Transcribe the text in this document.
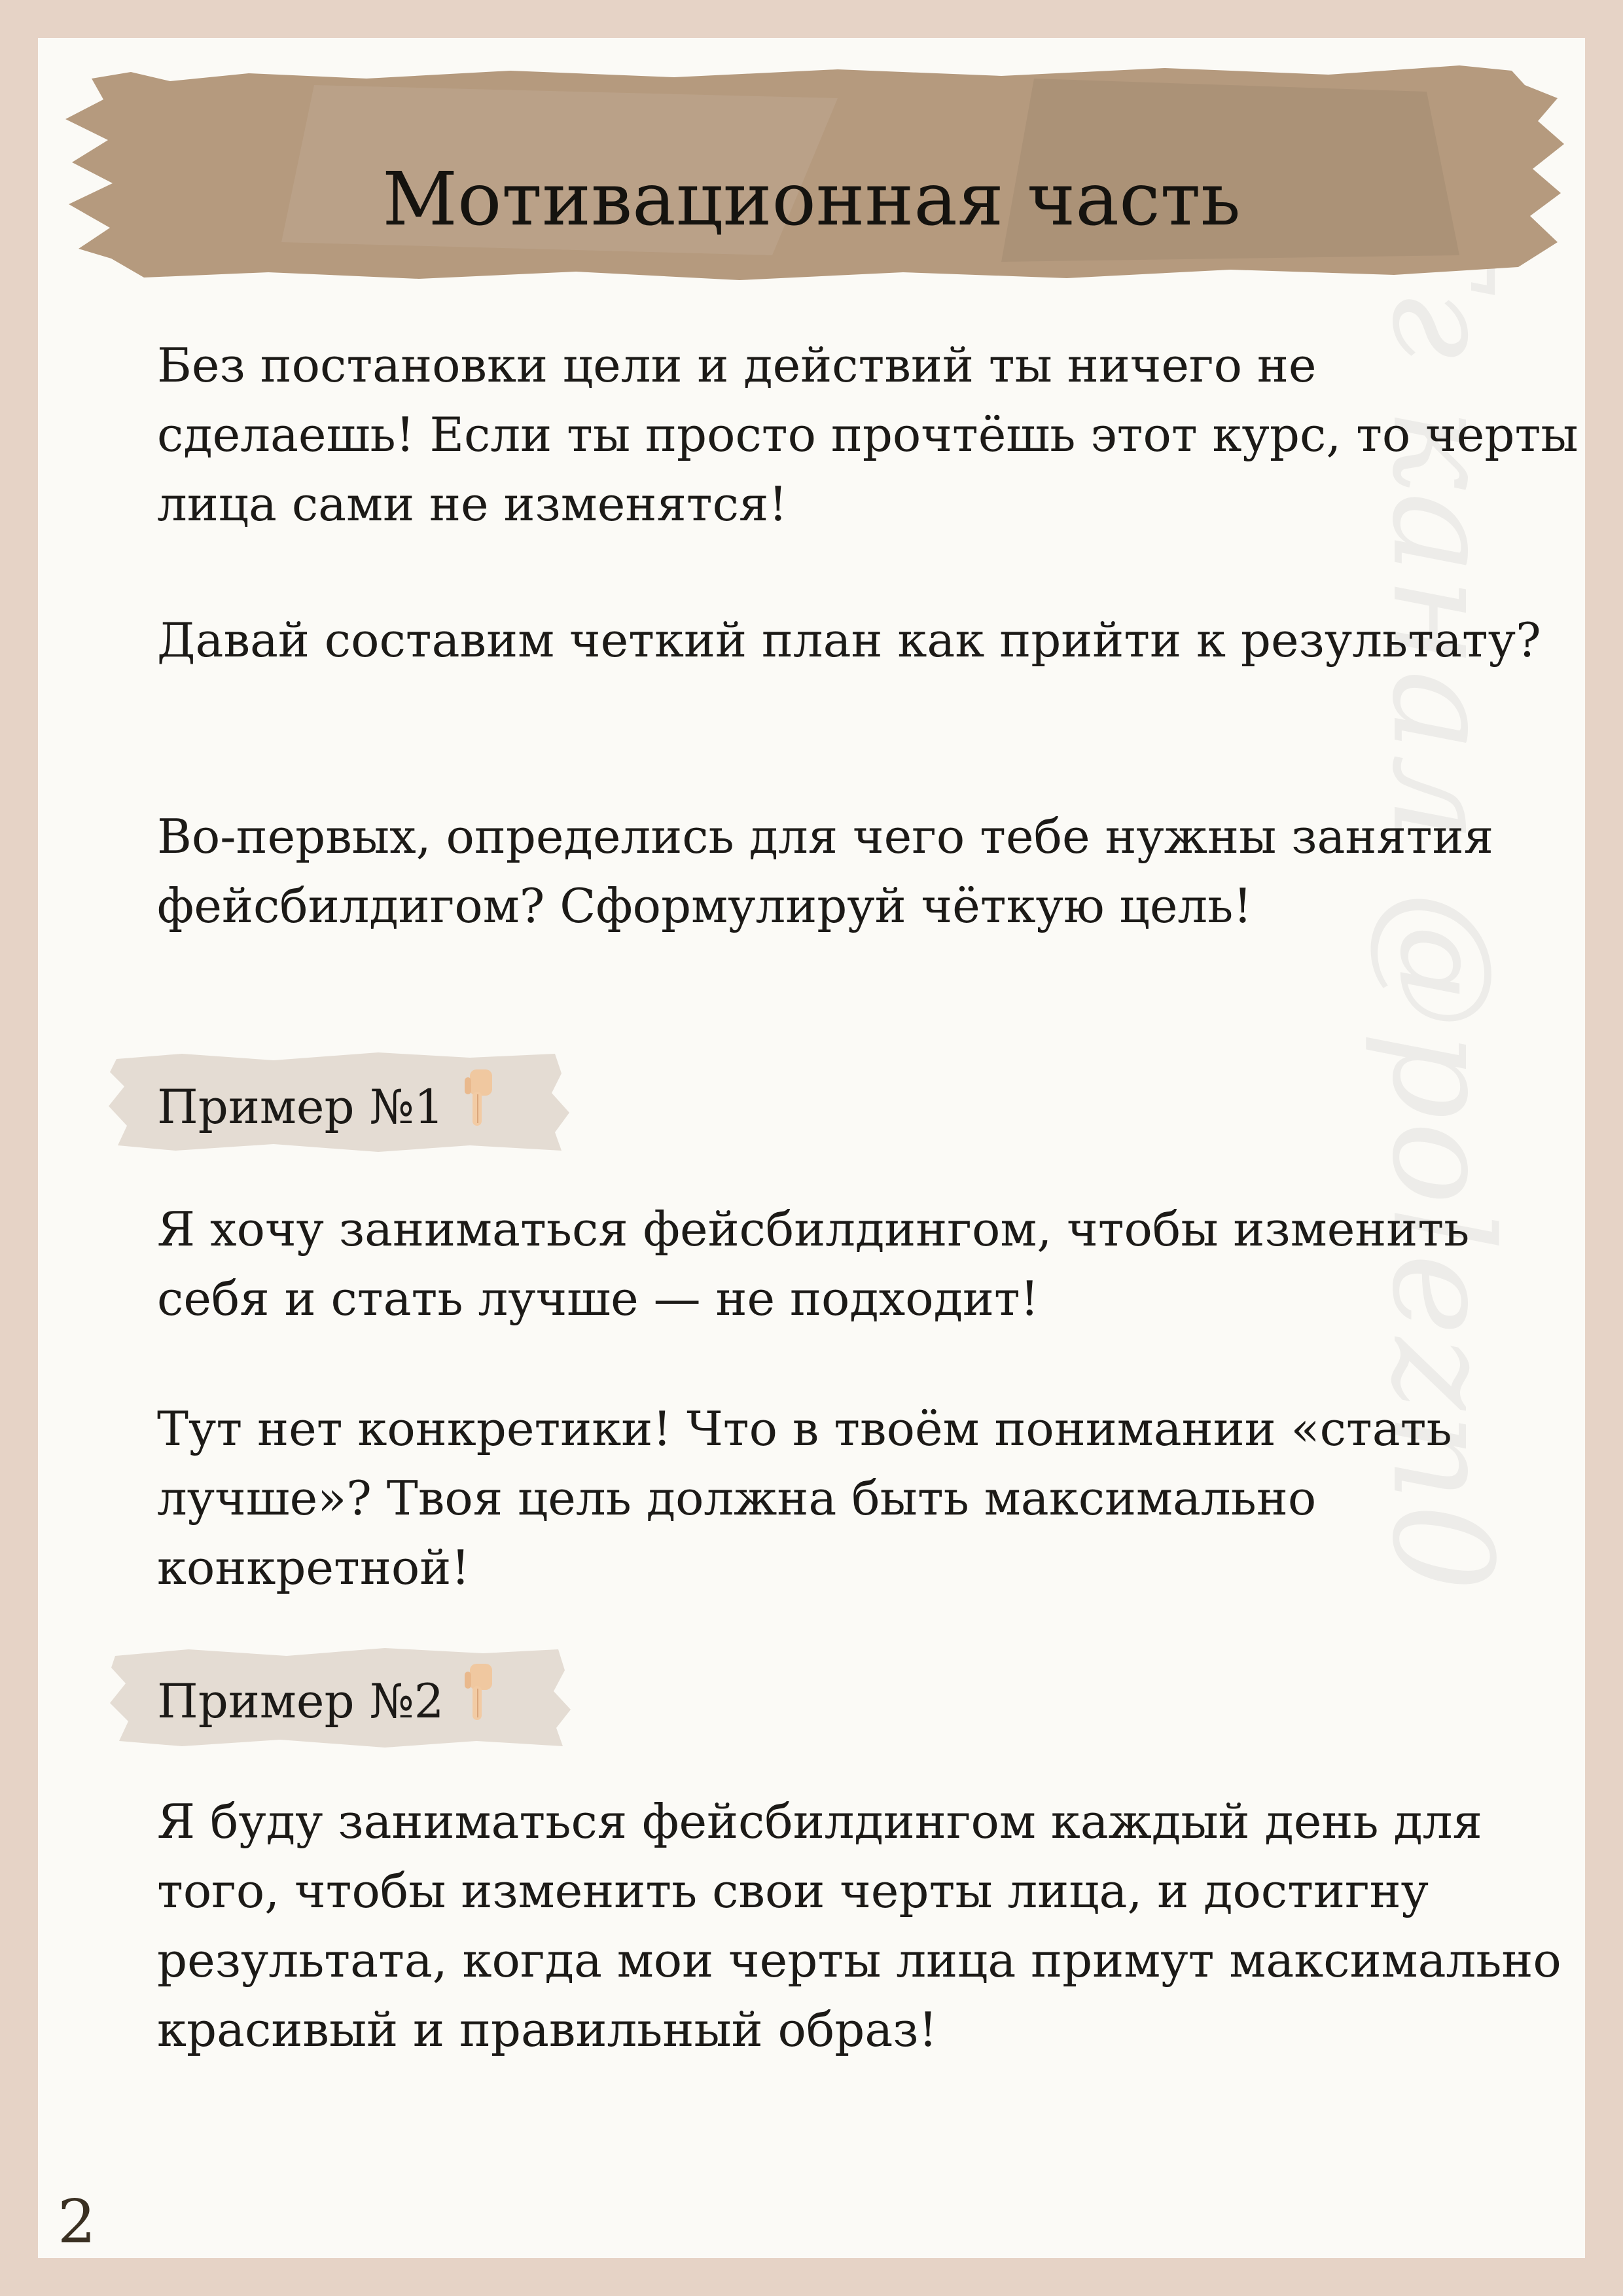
Тг канал @polezn0
Мотивационная часть

Без постановки цели и действий ты ничего не сделаешь! Если ты просто прочтёшь этот курс, то черты лица сами не изменятся!

Давай составим четкий план как прийти к результату?

Во-первых, определись для чего тебе нужны занятия фейсбилдигом? Сформулируй чёткую цель!

Пример №1

Я хочу заниматься фейсбилдингом, чтобы изменить себя и стать лучше — не подходит!

Тут нет конкретики! Что в твоём понимании «стать лучше»? Твоя цель должна быть максимально конкретной!

Пример №2

Я буду заниматься фейсбилдингом каждый день для того, чтобы изменить свои черты лица, и достигну результата, когда мои черты лица примут максимально красивый и правильный образ!

2
